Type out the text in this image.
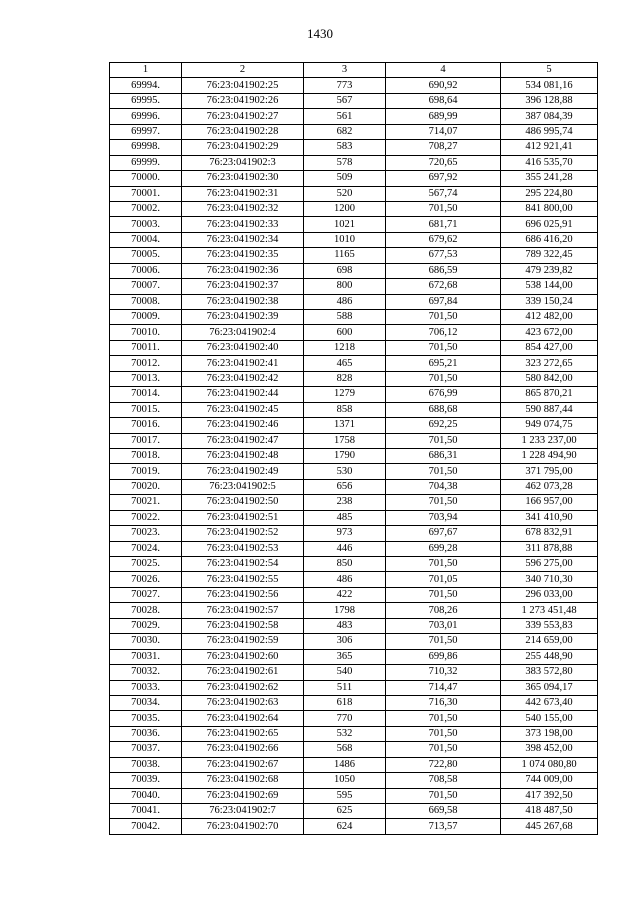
1430
1	2	3	4	5
69994.	76:23:041902:25	773	690,92	534 081,16
69995.	76:23:041902:26	567	698,64	396 128,88
69996.	76:23:041902:27	561	689,99	387 084,39
69997.	76:23:041902:28	682	714,07	486 995,74
69998.	76:23:041902:29	583	708,27	412 921,41
69999.	76:23:041902:3	578	720,65	416 535,70
70000.	76:23:041902:30	509	697,92	355 241,28
70001.	76:23:041902:31	520	567,74	295 224,80
70002.	76:23:041902:32	1200	701,50	841 800,00
70003.	76:23:041902:33	1021	681,71	696 025,91
70004.	76:23:041902:34	1010	679,62	686 416,20
70005.	76:23:041902:35	1165	677,53	789 322,45
70006.	76:23:041902:36	698	686,59	479 239,82
70007.	76:23:041902:37	800	672,68	538 144,00
70008.	76:23:041902:38	486	697,84	339 150,24
70009.	76:23:041902:39	588	701,50	412 482,00
70010.	76:23:041902:4	600	706,12	423 672,00
70011.	76:23:041902:40	1218	701,50	854 427,00
70012.	76:23:041902:41	465	695,21	323 272,65
70013.	76:23:041902:42	828	701,50	580 842,00
70014.	76:23:041902:44	1279	676,99	865 870,21
70015.	76:23:041902:45	858	688,68	590 887,44
70016.	76:23:041902:46	1371	692,25	949 074,75
70017.	76:23:041902:47	1758	701,50	1 233 237,00
70018.	76:23:041902:48	1790	686,31	1 228 494,90
70019.	76:23:041902:49	530	701,50	371 795,00
70020.	76:23:041902:5	656	704,38	462 073,28
70021.	76:23:041902:50	238	701,50	166 957,00
70022.	76:23:041902:51	485	703,94	341 410,90
70023.	76:23:041902:52	973	697,67	678 832,91
70024.	76:23:041902:53	446	699,28	311 878,88
70025.	76:23:041902:54	850	701,50	596 275,00
70026.	76:23:041902:55	486	701,05	340 710,30
70027.	76:23:041902:56	422	701,50	296 033,00
70028.	76:23:041902:57	1798	708,26	1 273 451,48
70029.	76:23:041902:58	483	703,01	339 553,83
70030.	76:23:041902:59	306	701,50	214 659,00
70031.	76:23:041902:60	365	699,86	255 448,90
70032.	76:23:041902:61	540	710,32	383 572,80
70033.	76:23:041902:62	511	714,47	365 094,17
70034.	76:23:041902:63	618	716,30	442 673,40
70035.	76:23:041902:64	770	701,50	540 155,00
70036.	76:23:041902:65	532	701,50	373 198,00
70037.	76:23:041902:66	568	701,50	398 452,00
70038.	76:23:041902:67	1486	722,80	1 074 080,80
70039.	76:23:041902:68	1050	708,58	744 009,00
70040.	76:23:041902:69	595	701,50	417 392,50
70041.	76:23:041902:7	625	669,58	418 487,50
70042.	76:23:041902:70	624	713,57	445 267,68
